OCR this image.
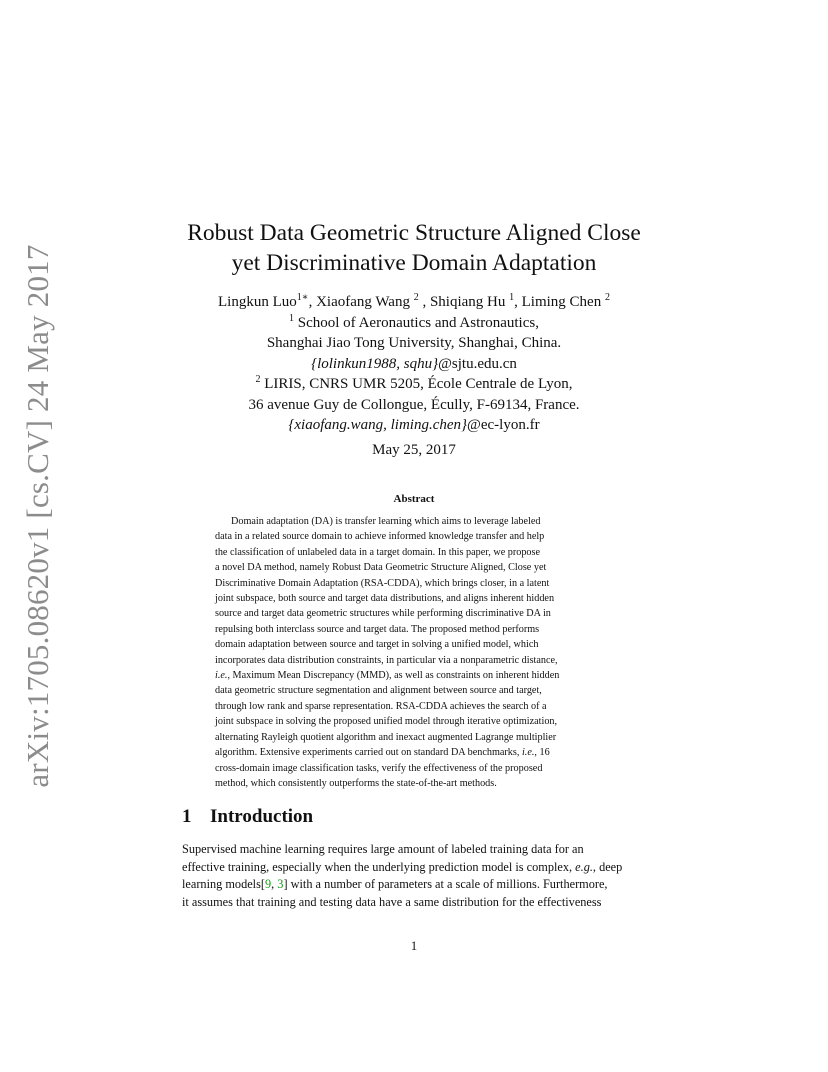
arXiv:1705.08620v1 [cs.CV] 24 May 2017
Robust Data Geometric Structure Aligned Close
yet Discriminative Domain Adaptation
Lingkun Luo$^{1∗}$, Xiaofang Wang $^2$ , Shiqiang Hu $^1$, Liming Chen $^2$
$^1$ School of Aeronautics and Astronautics,
Shanghai Jiao Tong University, Shanghai, China.
{lolinkun1988, sqhu}@sjtu.edu.cn
$^2$ LIRIS, CNRS UMR 5205, École Centrale de Lyon,
36 avenue Guy de Collongue, Écully, F-69134, France.
{xiaofang.wang, liming.chen}@ec-lyon.fr
May 25, 2017
Abstract
Domain adaptation (DA) is transfer learning which aims to leverage labeled
data in a related source domain to achieve informed knowledge transfer and help
the classification of unlabeled data in a target domain. In this paper, we propose
a novel DA method, namely Robust Data Geometric Structure Aligned, Close yet
Discriminative Domain Adaptation (RSA-CDDA), which brings closer, in a latent
joint subspace, both source and target data distributions, and aligns inherent hidden
source and target data geometric structures while performing discriminative DA in
repulsing both interclass source and target data. The proposed method performs
domain adaptation between source and target in solving a unified model, which
incorporates data distribution constraints, in particular via a nonparametric distance,
i.e., Maximum Mean Discrepancy (MMD), as well as constraints on inherent hidden
data geometric structure segmentation and alignment between source and target,
through low rank and sparse representation. RSA-CDDA achieves the search of a
joint subspace in solving the proposed unified model through iterative optimization,
alternating Rayleigh quotient algorithm and inexact augmented Lagrange multiplier
algorithm. Extensive experiments carried out on standard DA benchmarks, i.e., 16
cross-domain image classification tasks, verify the effectiveness of the proposed
method, which consistently outperforms the state-of-the-art methods.
1 Introduction
Supervised machine learning requires large amount of labeled training data for an
effective training, especially when the underlying prediction model is complex, e.g., deep
learning models[9, 3] with a number of parameters at a scale of millions. Furthermore,
it assumes that training and testing data have a same distribution for the effectiveness
1
